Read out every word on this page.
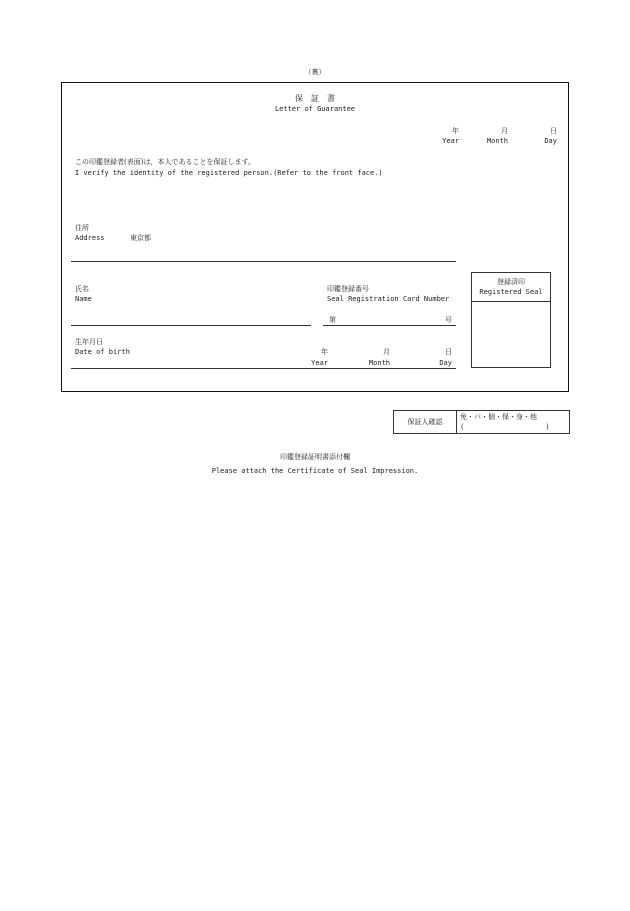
（裏）
保　証　書
Letter of Guarantee
年
Year
月
Month
日
Day
この印鑑登録者(表面)は，本人であることを保証します。
I verify the identity of the registered person.(Refer to the front face.)
住所
Address	東京都
氏名
Name
印鑑登録番号
Seal Registration Card Number
第	号
生年月日
Date of birth	年
Year
月
Month
日
Day
登録済印
Registered Seal
保証人確認
免・パ・個・保・身・他
(	)
印鑑登録証明書添付欄
Please attach the Certificate of Seal Impression.
